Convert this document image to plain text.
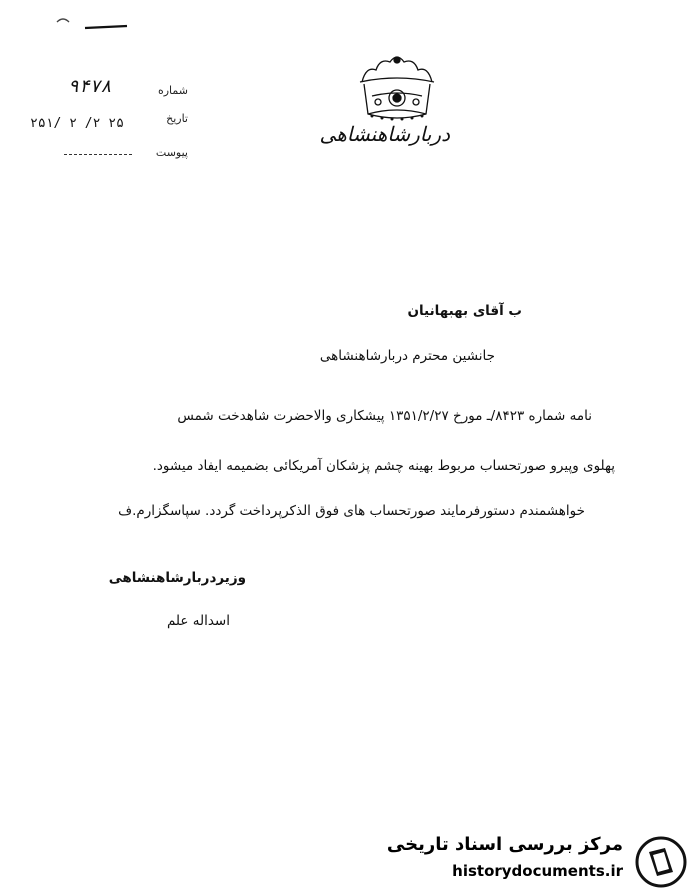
شماره
۹۴۷۸
تاریخ
۲۵۱/ ۲ /۲ ۲۵
پیوست
دربارشاهنشاهی
ب آقای بهبهانیان
جانشین محترم دربارشاهنشاهی
نامه شماره ۸۴۲۳/ـ مورخ ۱۳۵۱/۲/۲۷ پیشکاری والاحضرت شاهدخت شمس
پهلوی وپیرو صورتحساب مربوط بهینه چشم پزشکان آمریکائی بضمیمه ایفاد میشود.
خواهشمندم دستورفرمایند صورتحساب های فوق الذکرپرداخت گردد. سپاسگزارم.ف
وزیردربارشاهنشاهی
اسداله علم
مرکز بررسی اسناد تاریخی
historydocuments.ir
